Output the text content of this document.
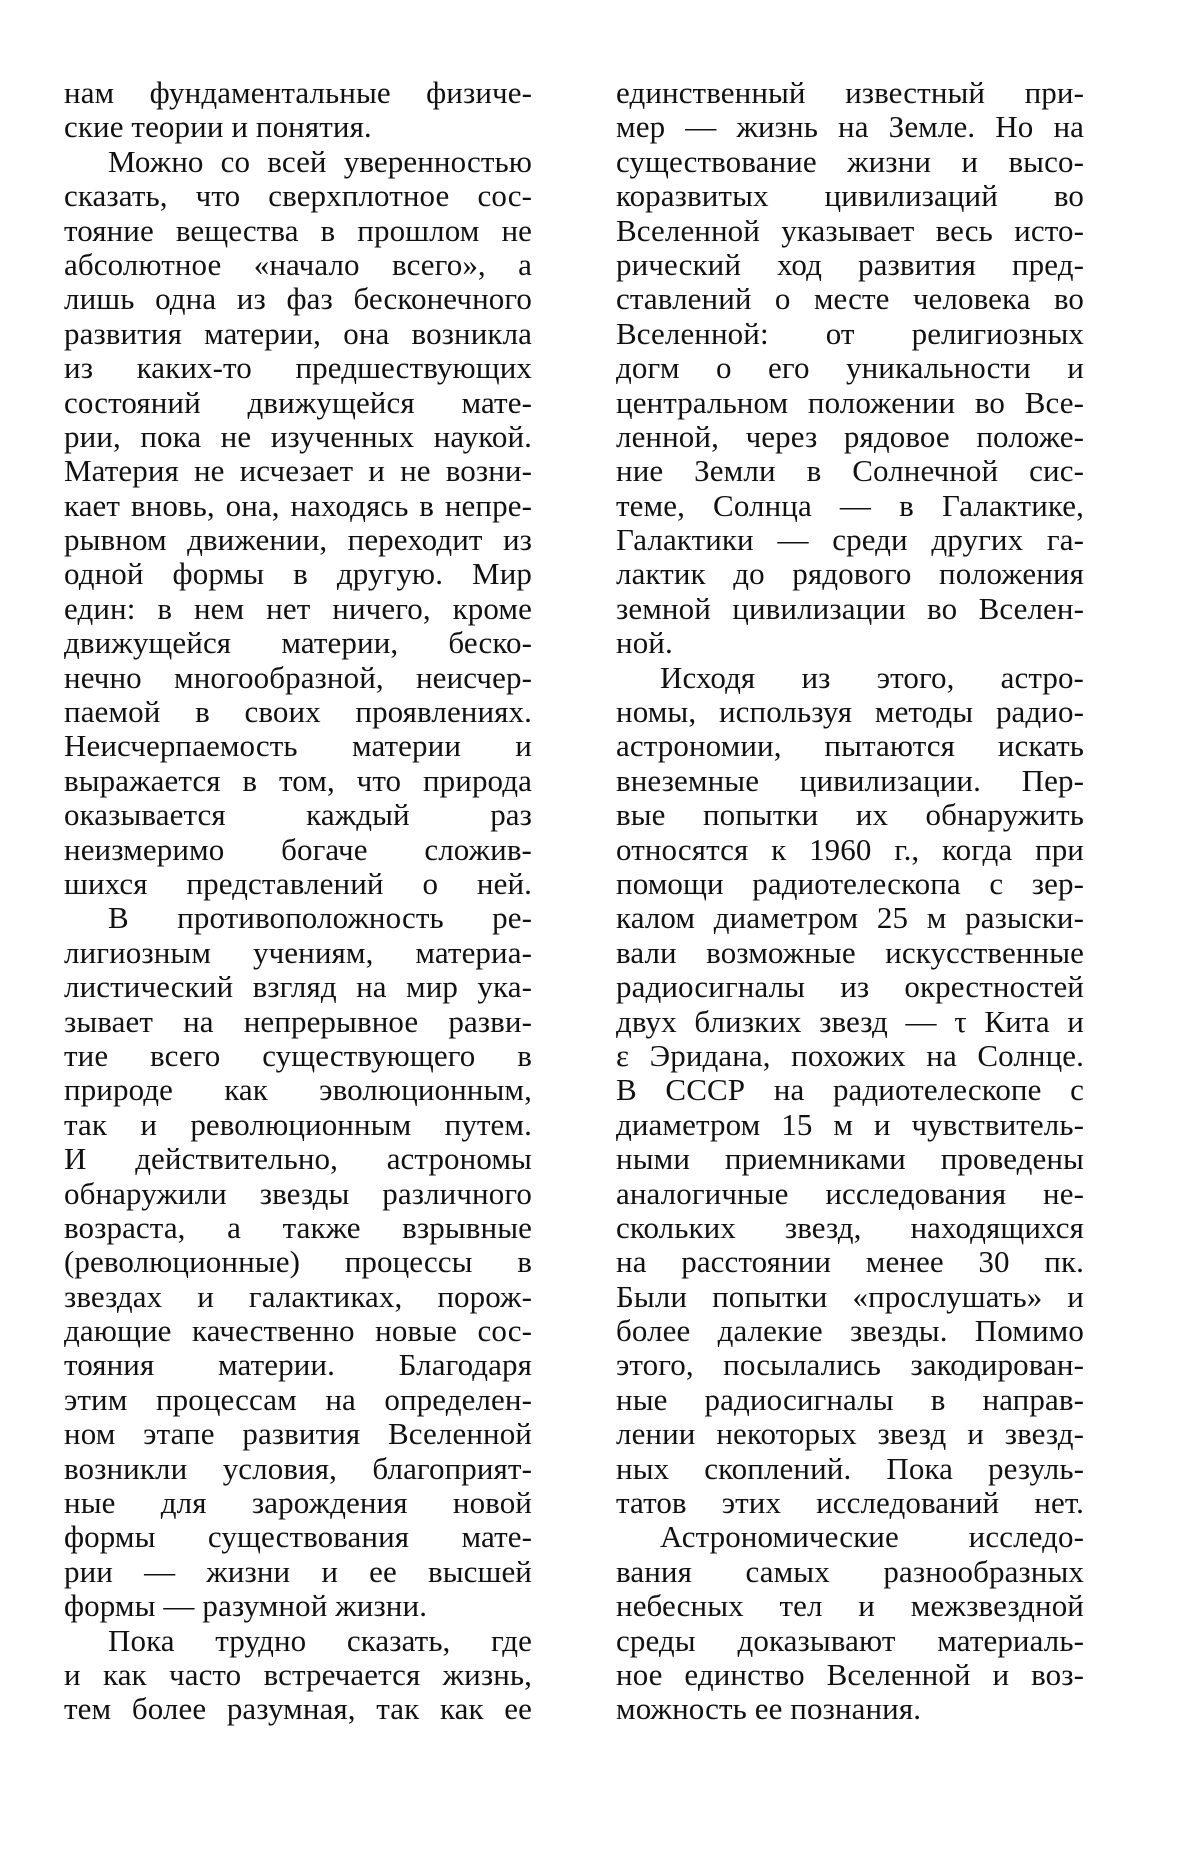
нам фундаментальные физиче-
ские теории и понятия.
Можно со всей уверенностью
сказать, что сверхплотное сос-
тояние вещества в прошлом не
абсолютное «начало всего», а
лишь одна из фаз бесконечного
развития материи, она возникла
из каких-то предшествующих
состояний движущейся мате-
рии, пока не изученных наукой.
Материя не исчезает и не возни-
кает вновь, она, находясь в непре-
рывном движении, переходит из
одной формы в другую. Мир
един: в нем нет ничего, кроме
движущейся материи, беско-
нечно многообразной, неисчер-
паемой в своих проявлениях.
Неисчерпаемость материи и
выражается в том, что природа
оказывается каждый раз
неизмеримо богаче сложив-
шихся представлений о ней.
В противоположность ре-
лигиозным учениям, материа-
листический взгляд на мир ука-
зывает на непрерывное разви-
тие всего существующего в
природе как эволюционным,
так и революционным путем.
И действительно, астрономы
обнаружили звезды различного
возраста, а также взрывные
(революционные) процессы в
звездах и галактиках, порож-
дающие качественно новые сос-
тояния материи. Благодаря
этим процессам на определен-
ном этапе развития Вселенной
возникли условия, благоприят-
ные для зарождения новой
формы существования мате-
рии — жизни и ее высшей
формы — разумной жизни.
Пока трудно сказать, где
и как часто встречается жизнь,
тем более разумная, так как ее
единственный известный при-
мер — жизнь на Земле. Но на
существование жизни и высо-
коразвитых цивилизаций во
Вселенной указывает весь исто-
рический ход развития пред-
ставлений о месте человека во
Вселенной: от религиозных
догм о его уникальности и
центральном положении во Все-
ленной, через рядовое положе-
ние Земли в Солнечной сис-
теме, Солнца — в Галактике,
Галактики — среди других га-
лактик до рядового положения
земной цивилизации во Вселен-
ной.
Исходя из этого, астро-
номы, используя методы радио-
астрономии, пытаются искать
внеземные цивилизации. Пер-
вые попытки их обнаружить
относятся к 1960 г., когда при
помощи радиотелескопа с зер-
калом диаметром 25 м разыски-
вали возможные искусственные
радиосигналы из окрестностей
двух близких звезд — τ Кита и
ε Эридана, похожих на Солнце.
В СССР на радиотелескопе с
диаметром 15 м и чувствитель-
ными приемниками проведены
аналогичные исследования не-
скольких звезд, находящихся
на расстоянии менее 30 пк.
Были попытки «прослушать» и
более далекие звезды. Помимо
этого, посылались закодирован-
ные радиосигналы в направ-
лении некоторых звезд и звезд-
ных скоплений. Пока резуль-
татов этих исследований нет.
Астрономические исследо-
вания самых разнообразных
небесных тел и межзвездной
среды доказывают материаль-
ное единство Вселенной и воз-
можность ее познания.
